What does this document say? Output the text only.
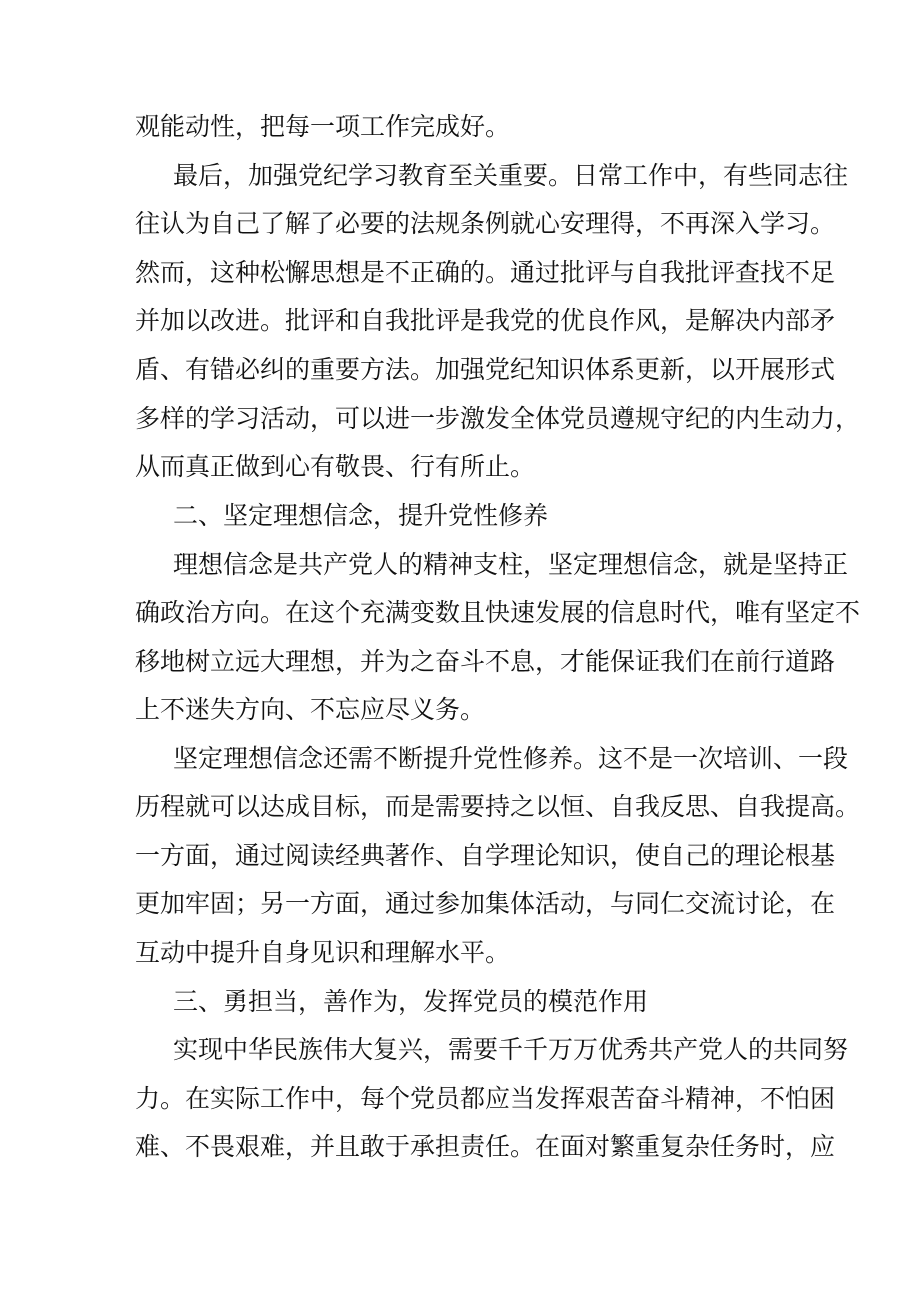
观能动性，把每一项工作完成好。
最后，加强党纪学习教育至关重要。日常工作中，有些同志往
往认为自己了解了必要的法规条例就心安理得，不再深入学习。
然而，这种松懈思想是不正确的。通过批评与自我批评查找不足
并加以改进。批评和自我批评是我党的优良作风，是解决内部矛
盾、有错必纠的重要方法。加强党纪知识体系更新，以开展形式
多样的学习活动，可以进一步激发全体党员遵规守纪的内生动力，
从而真正做到心有敬畏、行有所止。
二、坚定理想信念，提升党性修养
理想信念是共产党人的精神支柱，坚定理想信念，就是坚持正
确政治方向。在这个充满变数且快速发展的信息时代，唯有坚定不
移地树立远大理想，并为之奋斗不息，才能保证我们在前行道路
上不迷失方向、不忘应尽义务。
坚定理想信念还需不断提升党性修养。这不是一次培训、一段
历程就可以达成目标，而是需要持之以恒、自我反思、自我提高。
一方面，通过阅读经典著作、自学理论知识，使自己的理论根基
更加牢固；另一方面，通过参加集体活动，与同仁交流讨论，在
互动中提升自身见识和理解水平。
三、勇担当，善作为，发挥党员的模范作用
实现中华民族伟大复兴，需要千千万万优秀共产党人的共同努
力。在实际工作中，每个党员都应当发挥艰苦奋斗精神，不怕困
难、不畏艰难，并且敢于承担责任。在面对繁重复杂任务时，应
